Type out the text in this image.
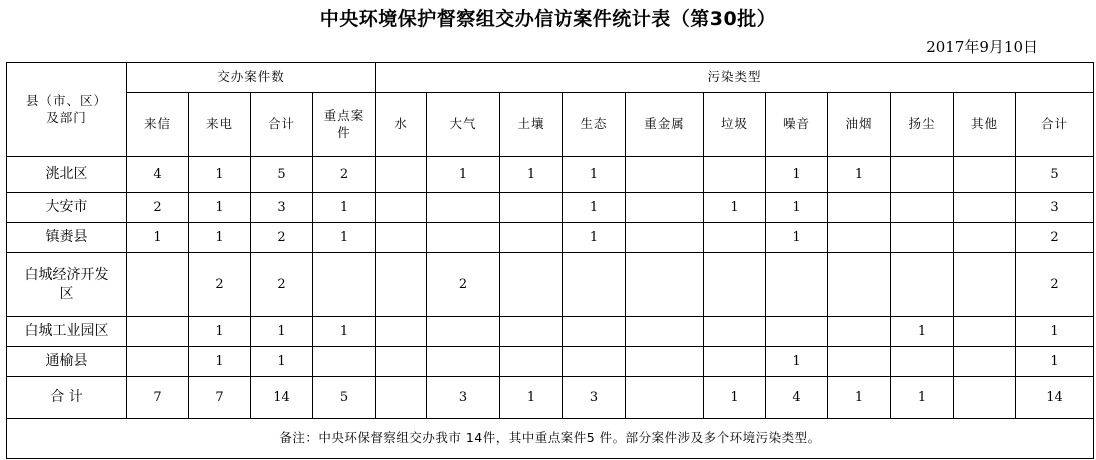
中央环境保护督察组交办信访案件统计表（第30批）
2017年9月10日
县（市、区）及部门	交办案件数				污染类型										
	来信	来电	合计	重点案件	水	大气	土壤	生态	重金属	垃圾	噪音	油烟	扬尘	其他	合计
洮北区	4	1	5	2		1	1	1			1	1			5
大安市	2	1	3	1				1		1	1				3
镇赉县	1	1	2	1				1			1				2
白城经济开发区		2	2			2									2
白城工业园区		1	1	1									1		1
通榆县		1	1								1				1
合 计	7	7	14	5		3	1	3		1	4	1	1		14
备注：中央环保督察组交办我市 14件，其中重点案件5 件。部分案件涉及多个环境污染类型。															
